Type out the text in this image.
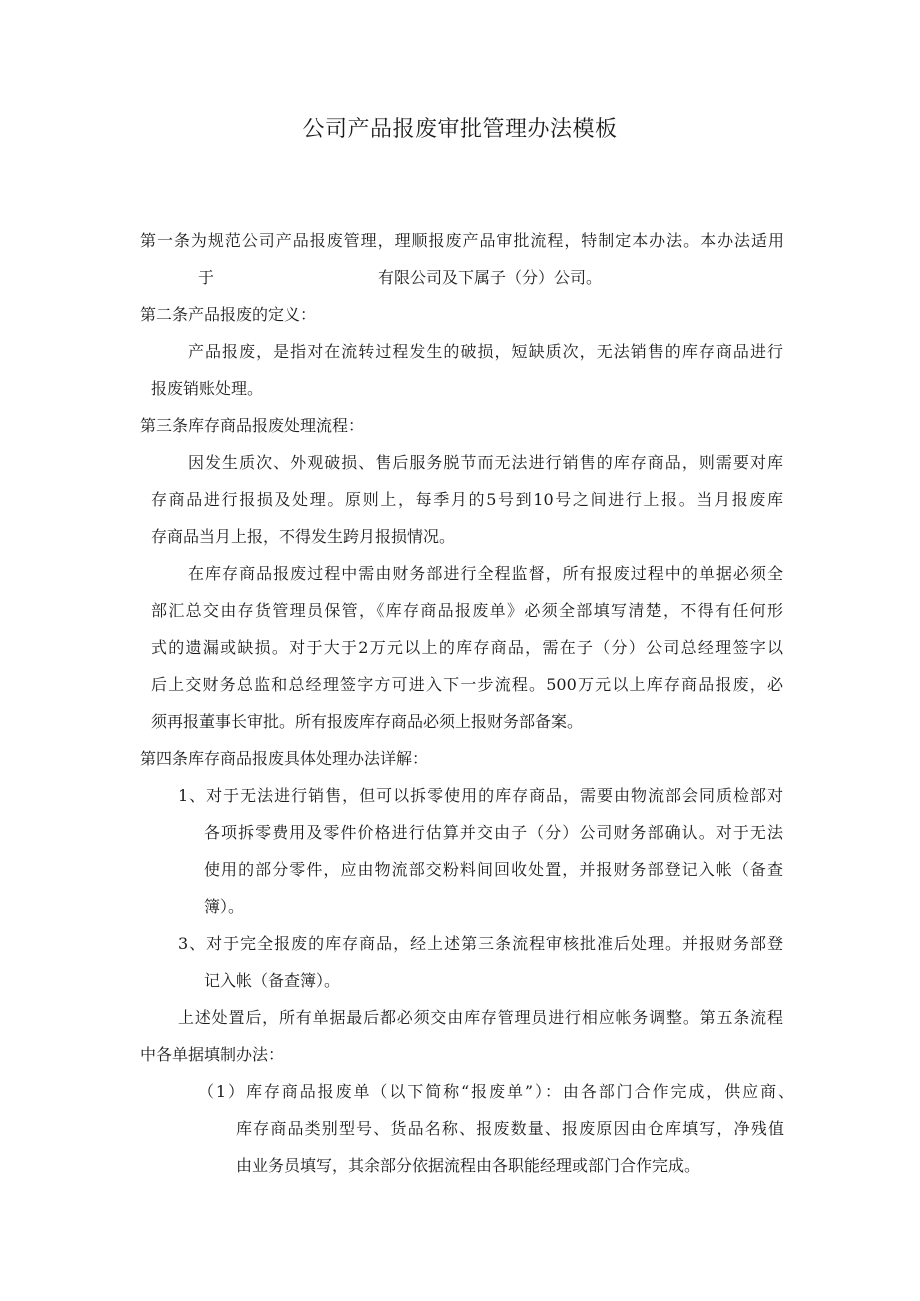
公司产品报废审批管理办法模板
第一条为规范公司产品报废管理，理顺报废产品审批流程，特制定本办法。本办法适用
于	有限公司及下属子（分）公司。
第二条产品报废的定义：
产品报废，是指对在流转过程发生的破损，短缺质次，无法销售的库存商品进行
报废销账处理。
第三条库存商品报废处理流程：
因发生质次、外观破损、售后服务脱节而无法进行销售的库存商品，则需要对库
存商品进行报损及处理。原则上，每季月的5号到10号之间进行上报。当月报废库
存商品当月上报，不得发生跨月报损情况。
在库存商品报废过程中需由财务部进行全程监督，所有报废过程中的单据必须全
部汇总交由存货管理员保管，《库存商品报废单》必须全部填写清楚，不得有任何形
式的遗漏或缺损。对于大于2万元以上的库存商品，需在子（分）公司总经理签字以
后上交财务总监和总经理签字方可进入下一步流程。500万元以上库存商品报废，必
须再报董事长审批。所有报废库存商品必须上报财务部备案。
第四条库存商品报废具体处理办法详解：
1、对于无法进行销售，但可以拆零使用的库存商品，需要由物流部会同质检部对
各项拆零费用及零件价格进行估算并交由子（分）公司财务部确认。对于无法
使用的部分零件，应由物流部交粉料间回收处置，并报财务部登记入帐（备查
簿）。
3、对于完全报废的库存商品，经上述第三条流程审核批准后处理。并报财务部登
记入帐（备查簿）。
上述处置后，所有单据最后都必须交由库存管理员进行相应帐务调整。第五条流程
中各单据填制办法：
（1）库存商品报废单（以下简称“报废单”）：由各部门合作完成，供应商、
库存商品类别型号、货品名称、报废数量、报废原因由仓库填写，净残值
由业务员填写，其余部分依据流程由各职能经理或部门合作完成。
